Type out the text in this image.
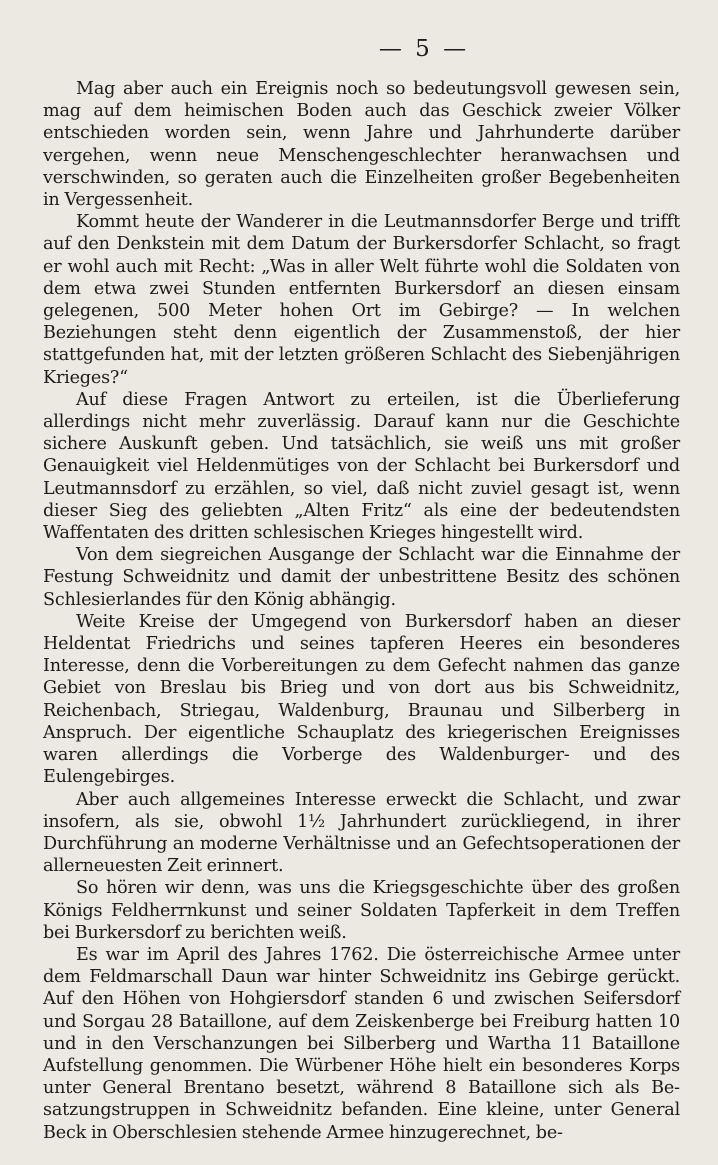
— 5 —

Mag aber auch ein Ereignis noch so bedeutungsvoll gewesen sein, mag auf dem heimischen Boden auch das Geschick zweier Völker entschieden worden sein, wenn Jahre und Jahrhunderte darüber vergehen, wenn neue Menschengeschlechter heranwachsen und verschwinden, so geraten auch die Einzelheiten großer Begebenheiten in Vergessenheit.

Kommt heute der Wanderer in die Leutmannsdorfer Berge und trifft auf den Denkstein mit dem Datum der Burkersdorfer Schlacht, so fragt er wohl auch mit Recht: „Was in aller Welt führte wohl die Soldaten von dem etwa zwei Stunden entfernten Burkersdorf an diesen einsam gelegenen, 500 Meter hohen Ort im Gebirge? — In welchen Beziehungen steht denn eigentlich der Zusammenstoß, der hier stattgefunden hat, mit der letzten größeren Schlacht des Siebenjährigen Krieges?“

Auf diese Fragen Antwort zu erteilen, ist die Überlieferung allerdings nicht mehr zuverlässig. Darauf kann nur die Geschichte sichere Auskunft geben. Und tatsächlich, sie weiß uns mit großer Genauigkeit viel Heldenmütiges von der Schlacht bei Burkersdorf und Leutmannsdorf zu erzählen, so viel, daß nicht zuviel gesagt ist, wenn dieser Sieg des geliebten „Alten Fritz“ als eine der bedeutendsten Waffentaten des dritten schlesischen Krieges hingestellt wird.

Von dem siegreichen Ausgange der Schlacht war die Einnahme der Festung Schweidnitz und damit der unbestrittene Besitz des schönen Schlesierlandes für den König abhängig.

Weite Kreise der Umgegend von Burkersdorf haben an dieser Heldentat Friedrichs und seines tapferen Heeres ein besonderes Interesse, denn die Vorbereitungen zu dem Gefecht nahmen das ganze Gebiet von Breslau bis Brieg und von dort aus bis Schweidnitz, Reichenbach, Striegau, Waldenburg, Braunau und Silberberg in Anspruch. Der eigentliche Schauplatz des kriegerischen Ereignisses waren allerdings die Vorberge des Waldenburger- und des Eulengebirges.

Aber auch allgemeines Interesse erweckt die Schlacht, und zwar insofern, als sie, obwohl 1½ Jahrhundert zurückliegend, in ihrer Durchführung an moderne Verhältnisse und an Gefechtsoperationen der allerneuesten Zeit erinnert.

So hören wir denn, was uns die Kriegsgeschichte über des großen Königs Feldherrnkunst und seiner Soldaten Tapferkeit in dem Treffen bei Burkersdorf zu berichten weiß.

Es war im April des Jahres 1762. Die österreichische Armee unter dem Feldmarschall Daun war hinter Schweidnitz ins Gebirge gerückt. Auf den Höhen von Hohgiersdorf standen 6 und zwischen Seifersdorf und Sorgau 28 Bataillone, auf dem Zeiskenberge bei Freiburg hatten 10 und in den Verschanzungen bei Silberberg und Wartha 11 Bataillone Aufstellung genommen. Die Würbener Höhe hielt ein besonderes Korps unter General Brentano besetzt, während 8 Bataillone sich als Besatzungstruppen in Schweidnitz befanden. Eine kleine, unter General Beck in Oberschlesien stehende Armee hinzugerechnet, be-
